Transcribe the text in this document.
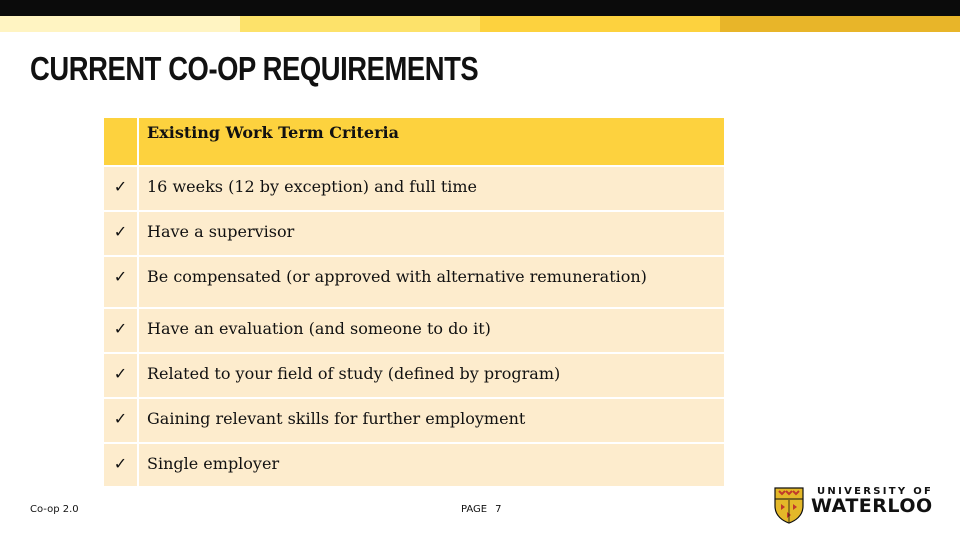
CURRENT CO-OP REQUIREMENTS
	Existing Work Term Criteria
✓	16 weeks (12 by exception) and full time
✓	Have a supervisor
✓	Be compensated (or approved with alternative remuneration)
✓	Have an evaluation (and someone to do it)
✓	Related to your field of study (defined by program)
✓	Gaining relevant skills for further employment
✓	Single employer
Co-op 2.0	PAGE 7
UNIVERSITY OF
WATERLOO
